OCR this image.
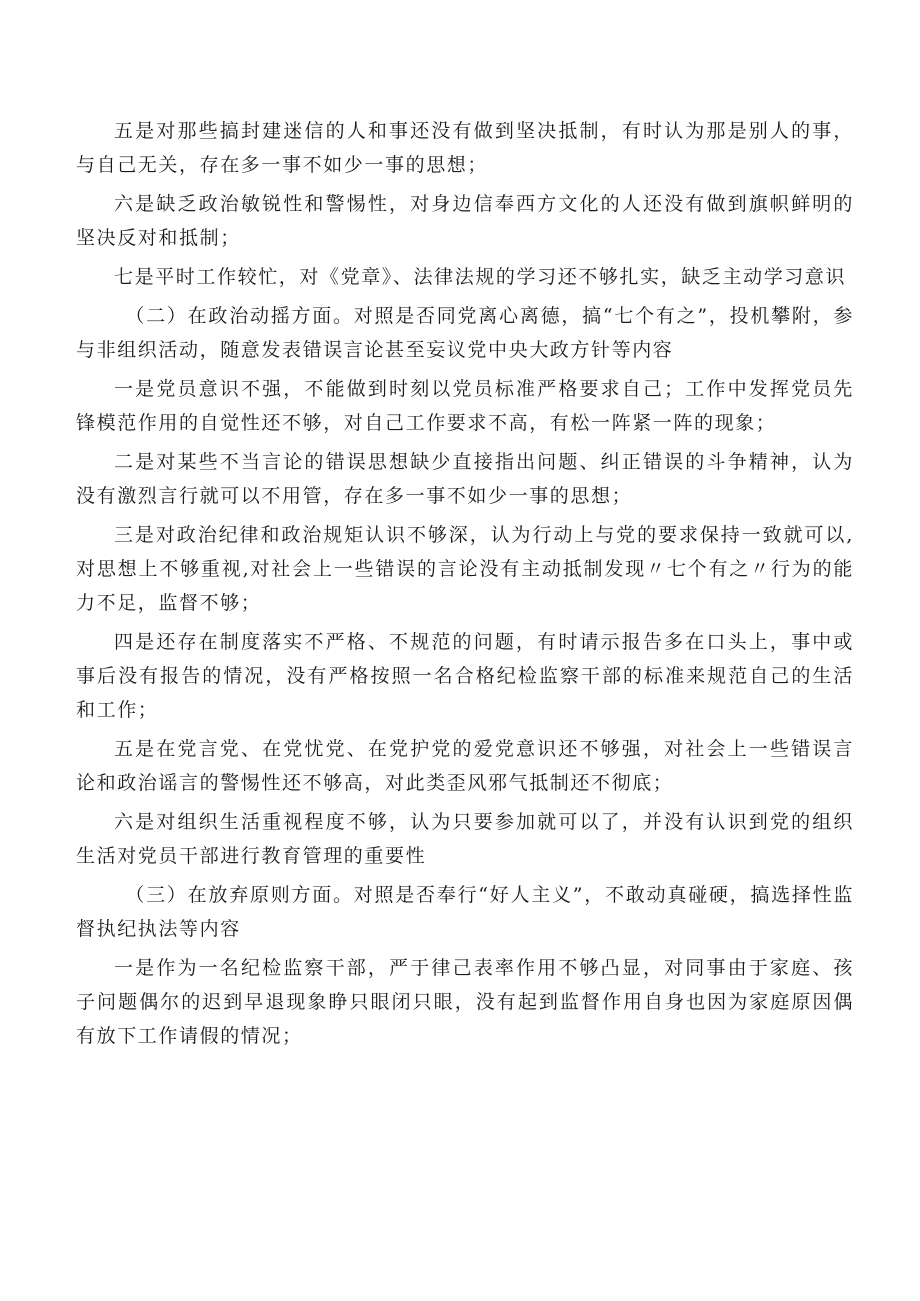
五是对那些搞封建迷信的人和事还没有做到坚决抵制，有时认为那是别人的事，与自己无关，存在多一事不如少一事的思想；

六是缺乏政治敏锐性和警惕性，对身边信奉西方文化的人还没有做到旗帜鲜明的坚决反对和抵制；

七是平时工作较忙，对《党章》、法律法规的学习还不够扎实，缺乏主动学习意识

（二）在政治动摇方面。对照是否同党离心离德，搞“七个有之”，投机攀附，参与非组织活动，随意发表错误言论甚至妄议党中央大政方针等内容

一是党员意识不强，不能做到时刻以党员标准严格要求自己；工作中发挥党员先锋模范作用的自觉性还不够，对自己工作要求不高，有松一阵紧一阵的现象；

二是对某些不当言论的错误思想缺少直接指出问题、纠正错误的斗争精神，认为没有激烈言行就可以不用管，存在多一事不如少一事的思想；

三是对政治纪律和政治规矩认识不够深，认为行动上与党的要求保持一致就可以,对思想上不够重视,对社会上一些错误的言论没有主动抵制发现〃七个有之〃行为的能力不足，监督不够；

四是还存在制度落实不严格、不规范的问题，有时请示报告多在口头上，事中或事后没有报告的情况，没有严格按照一名合格纪检监察干部的标准来规范自己的生活和工作；

五是在党言党、在党忧党、在党护党的爱党意识还不够强，对社会上一些错误言论和政治谣言的警惕性还不够高，对此类歪风邪气抵制还不彻底；

六是对组织生活重视程度不够，认为只要参加就可以了，并没有认识到党的组织生活对党员干部进行教育管理的重要性

（三）在放弃原则方面。对照是否奉行“好人主义”，不敢动真碰硬，搞选择性监督执纪执法等内容

一是作为一名纪检监察干部，严于律己表率作用不够凸显，对同事由于家庭、孩子问题偶尔的迟到早退现象睁只眼闭只眼，没有起到监督作用自身也因为家庭原因偶有放下工作请假的情况；
